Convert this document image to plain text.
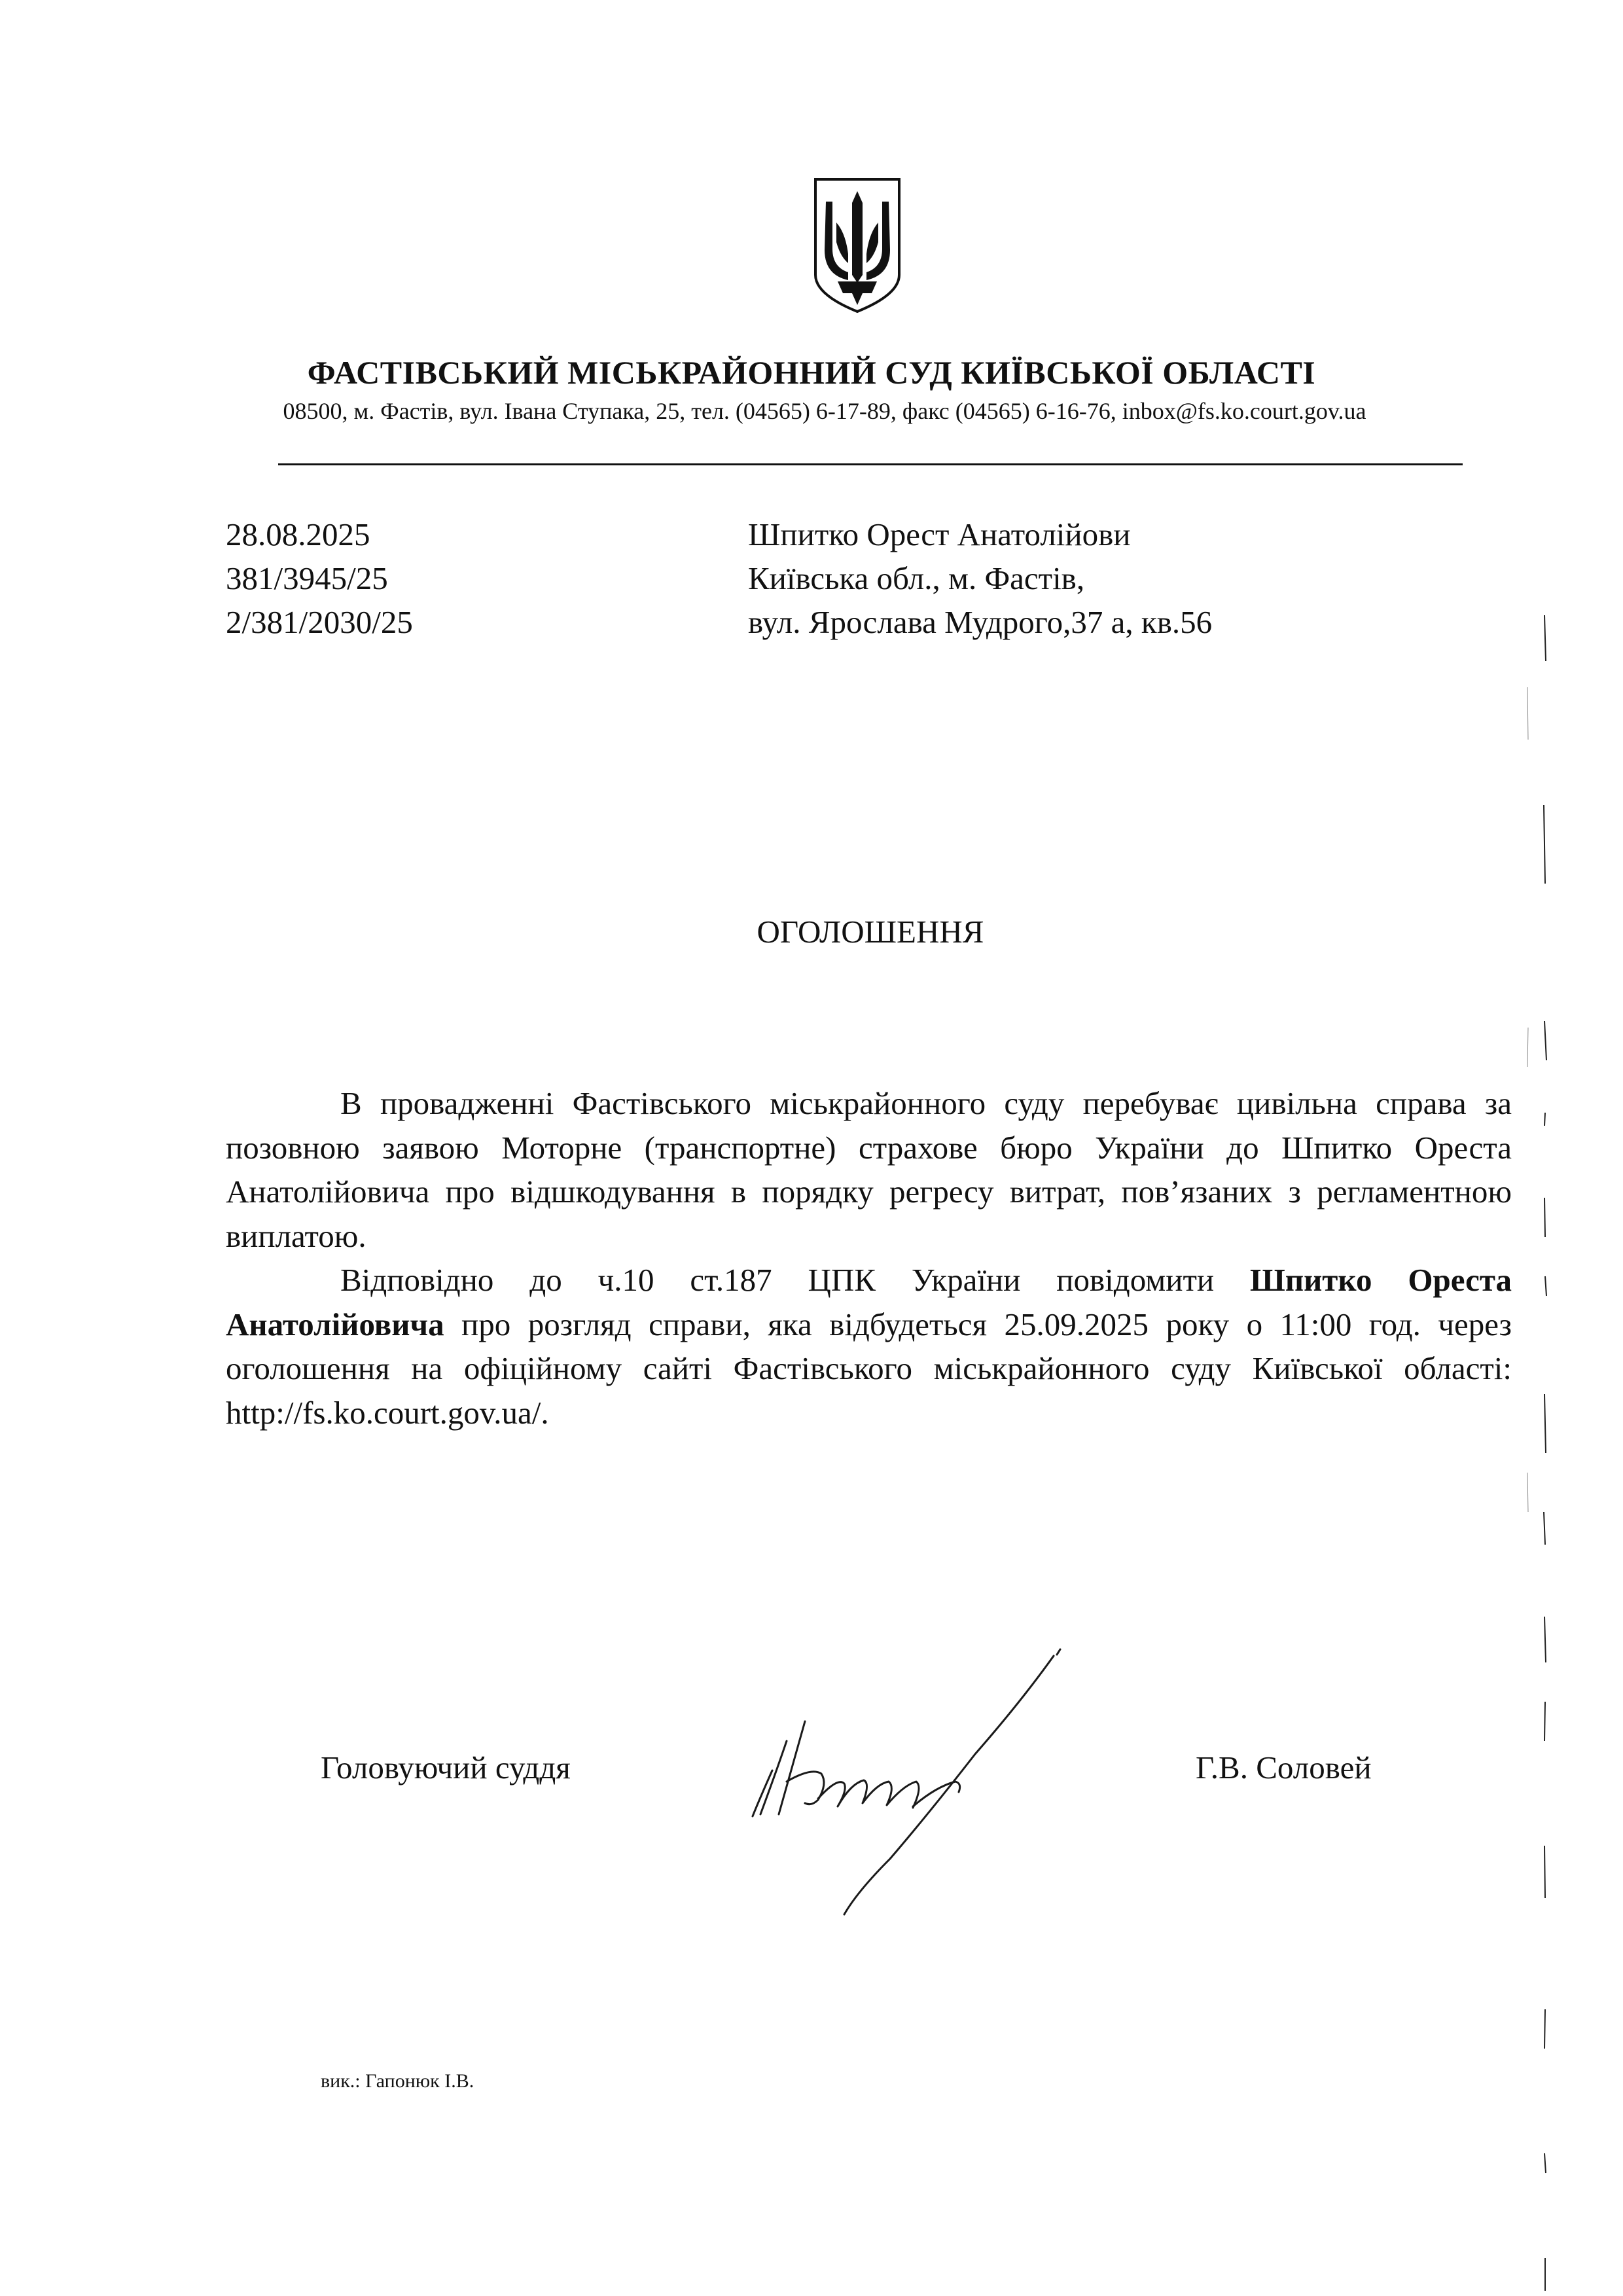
ФАСТІВСЬКИЙ МІСЬКРАЙОННИЙ СУД КИЇВСЬКОЇ ОБЛАСТІ
08500, м. Фастів, вул. Івана Ступака, 25, тел. (04565) 6-17-89, факс (04565) 6-16-76, inbox@fs.ko.court.gov.ua
28.08.2025
381/3945/25
2/381/2030/25
Шпитко Орест Анатолійови
Київська обл., м. Фастів,
вул. Ярослава Мудрого,37 а, кв.56
ОГОЛОШЕННЯ

В провадженні Фастівського міськрайонного суду перебуває цивільна справа за позовною заявою Моторне (транспортне) страхове бюро України до Шпитко Ореста Анатолійовича про відшкодування в порядку регресу витрат, пов’язаних з регламентною виплатою.

Відповідно до ч.10 ст.187 ЦПК України повідомити Шпитко Ореста Анатолійовича про розгляд справи, яка відбудеться 25.09.2025 року о 11:00 год. через оголошення на офіційному сайті Фастівського міськрайонного суду Київської області: http://fs.ko.court.gov.ua/.

Головуючий суддя	Г.В. Соловей
вик.: Гапонюк І.В.
